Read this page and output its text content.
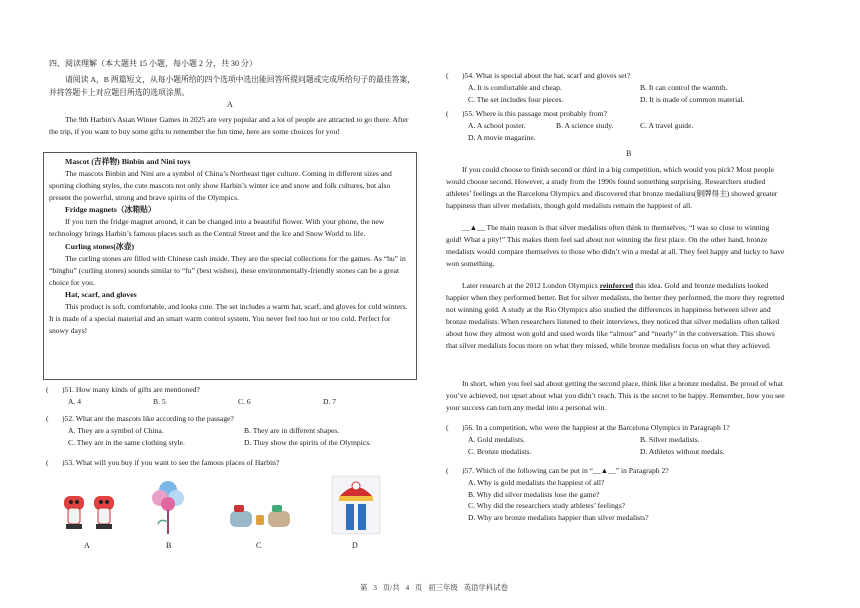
四、阅读理解（本大题共 15 小题，每小题 2 分，共 30 分）

请阅读 A，B 两篇短文，从每小题所给的四个选项中选出能回答所提问题或完成所给句子的最佳答案，并将答题卡上对应题目所选的选项涂黑。

A

The 9th Harbin's Asian Winter Games in 2025 are very popular and a lot of people are attracted to go there. After the trip, if you want to buy some gifts to remember the fun time, here are some choices for you!

Mascot (吉祥物) Binbin and Nini toys

The mascots Binbin and Nini are a symbol of China’s Northeast tiger culture. Coming in different sizes and sporting clothing styles, the cute mascots not only show Harbin’s winter ice and snow and folk cultures, but also present the powerful, strong and brave spirits of the Olympics.

Fridge magnets（冰箱贴）

If you turn the fridge magnet around, it can be changed into a beautiful flower. With your phone, the new technology brings Harbin’s famous places such as the Central Street and the Ice and Snow World to life.

Curling stones(冰壶)

The curling stones are filled with Chinese cash inside. They are the special collections for the games. As “hu” in “binghu” (curling stones) sounds similar to “fu” (best wishes), these environmentally-friendly stones can be a great choice for you.

Hat, scarf, and gloves

This product is soft, comfortable, and looks cute. The set includes a warm hat, scarf, and gloves for cold winters. It is made of a special material and an smart warm control system. You never feel too hot or too cold. Perfect for snowy days!

( )51. How many kinds of gifts are mentioned?
A. 4	B. 5	C. 6	D. 7
( )52. What are the mascots like according to the passage?
A. They are a symbol of China.	B. They are in different shapes.
C. They are in the same clothing style.	D. They show the spirits of the Olympics.
( )53. What will you buy if you want to see the famous places of Harbin?
A	B	C	D
( )54. What is special about the hat, scarf and gloves set?
A. It is comfortable and cheap.	B. It can control the warmth.
C. The set includes four pieces.	D. It is made of common material.
( )55. Where is this passage most probably from?
A. A school poster.	B. A science study.	C. A travel guide.
D. A movie magazine.
B

If you could choose to finish second or third in a big competition, which would you pick? Most people would choose second. However, a study from the 1990s found something surprising. Researchers studied athletes’ feelings at the Barcelona Olympics and discovered that bronze medalists(铜牌得主) showed greater happiness than silver medalists, though gold medalists remain the happiest of all.

__▲__ The main reason is that silver medalists often think to themselves, “I was so close to winning gold! What a pity!” This makes them feel sad about not winning the first place. On the other hand, bronze medalists would compare themselves to those who didn’t win a medal at all. They feel happy and lucky to have won something.

Later research at the 2012 London Olympics reinforced this idea. Gold and bronze medalists looked happier when they performed better. But for silver medalists, the better they performed, the more they regretted not winning gold. A study at the Rio Olympics also studied the differences in happiness between silver and bronze medalists. When researchers listened to their interviews, they noticed that silver medalists often talked about how they almost won gold and used words like “almost” and “nearly” in the conversation. This shows that silver medalists focus more on what they missed, while bronze medalists focus on what they achieved.

In short, when you feel sad about getting the second place, think like a bronze medalist. Be proud of what you’ve achieved, not upset about what you didn’t reach. This is the secret to be happy. Remember, how you see your success can turn any medal into a personal win.

( )56. In a competition, who were the happiest at the Barcelona Olympics in Paragraph 1?
A. Gold medalists.	B. Silver medalists.
C. Bronze medalists.	D. Athletes without medals.
( )57. Which of the following can be put in “__▲__” in Paragraph 2?
A. Why is gold medalists the happiest of all?
B. Why did silver medalists lose the game?
C. Why did the researchers study athletes’ feelings?
D. Why are bronze medalists happier than silver medalists?
第 3 页/共 4 页 初三年级 英语学科试卷
